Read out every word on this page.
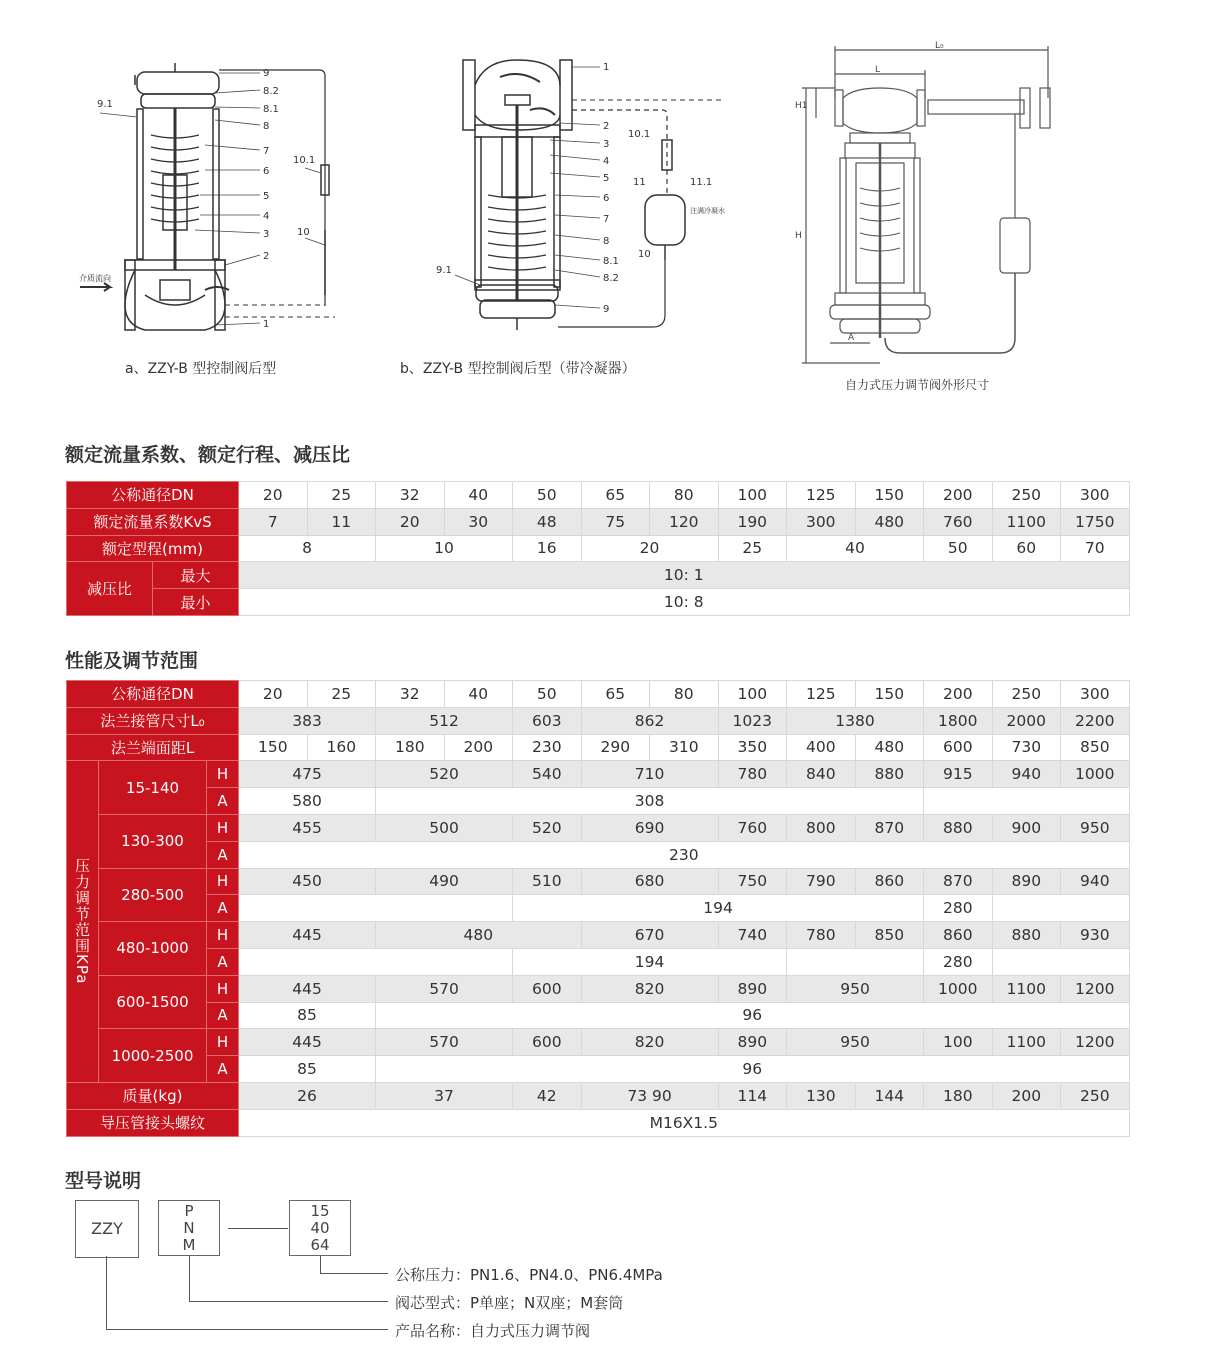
9
8.2
8.1
8
7
6
5
4
3
2
1
9.1
10.1
10
介质流向
a、ZZY-B 型控制阀后型
1
2
3
4
5
6
7
8
8.1
8.2
9
9.1
10.1
11	11.1
10
注满冷凝水
b、ZZY-B 型控制阀后型（带冷凝器）
L₀
L
H1
H
A
自力式压力调节阀外形尺寸
额定流量系数、额定行程、减压比
公称通径DN		20	25	32	40	50	65	80	100	125	150	200	250	300
额定流量系数KvS		7	11	20	30	48	75	120	190	300	480	760	1100	1750
额定型程(mm)		8		10		16	20		25	40		50	60	70
减压比	最大	10: 1												
	最小	10: 8												
性能及调节范围
公称通径DN			20	25	32	40	50	65	80	100	125	150	200	250	300
法兰接管尺寸L₀			383		512		603	862		1023	1380		1800	2000	2200
法兰端面距L			150	160	180	200	230	290	310	350	400	480	600	730	850
压力调节范围KPa	15-140	H	475		520		540	710		780	840	880	915	940	1000
		A	580		308										
	130-300	H	455		500		520	690		760	800	870	880	900	950
		A	230												
	280-500	H	450		490		510	680		750	790	860	870	890	940
		A					194						280		
	480-1000	H	445		480			670		740	780	850	860	880	930
		A					194						280		
	600-1500	H	445		570		600	820		890	950		1000	1100	1200
		A	85		96										
	1000-2500	H	445		570		600	820		890	950		100	1100	1200
		A	85		96										
质量(kg)			26		37		42	73 90		114	130	144	180	200	250
导压管接头螺纹			M16X1.5												
型号说明
ZZY
P
N
M
15
40
64
公称压力：PN1.6、PN4.0、PN6.4MPa
阀芯型式：P单座；N双座；M套筒
产品名称：自力式压力调节阀
